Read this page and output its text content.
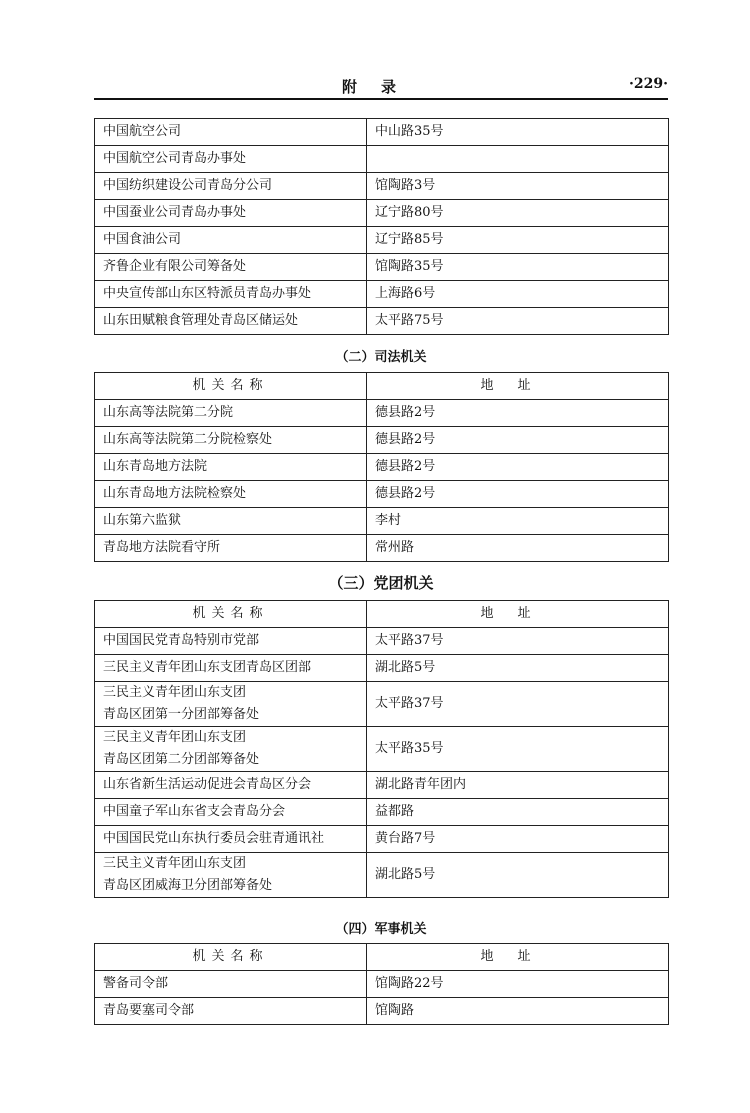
附录	·229·
中国航空公司	中山路35号
中国航空公司青岛办事处	
中国纺织建设公司青岛分公司	馆陶路3号
中国蚕业公司青岛办事处	辽宁路80号
中国食油公司	辽宁路85号
齐鲁企业有限公司筹备处	馆陶路35号
中央宣传部山东区特派员青岛办事处	上海路6号
山东田赋粮食管理处青岛区储运处	太平路75号
（二）司法机关
机关名称	地址
山东高等法院第二分院	德县路2号
山东高等法院第二分院检察处	德县路2号
山东青岛地方法院	德县路2号
山东青岛地方法院检察处	德县路2号
山东第六监狱	李村
青岛地方法院看守所	常州路
（三）党团机关
机关名称	地址
中国国民党青岛特别市党部	太平路37号
三民主义青年团山东支团青岛区团部	湖北路5号
三民主义青年团山东支团
青岛区团第一分团部筹备处	太平路37号
三民主义青年团山东支团
青岛区团第二分团部筹备处	太平路35号
山东省新生活运动促进会青岛区分会	湖北路青年团内
中国童子军山东省支会青岛分会	益都路
中国国民党山东执行委员会驻青通讯社	黄台路7号
三民主义青年团山东支团
青岛区团威海卫分团部筹备处	湖北路5号
（四）军事机关
机关名称	地址
警备司令部	馆陶路22号
青岛要塞司令部	馆陶路
